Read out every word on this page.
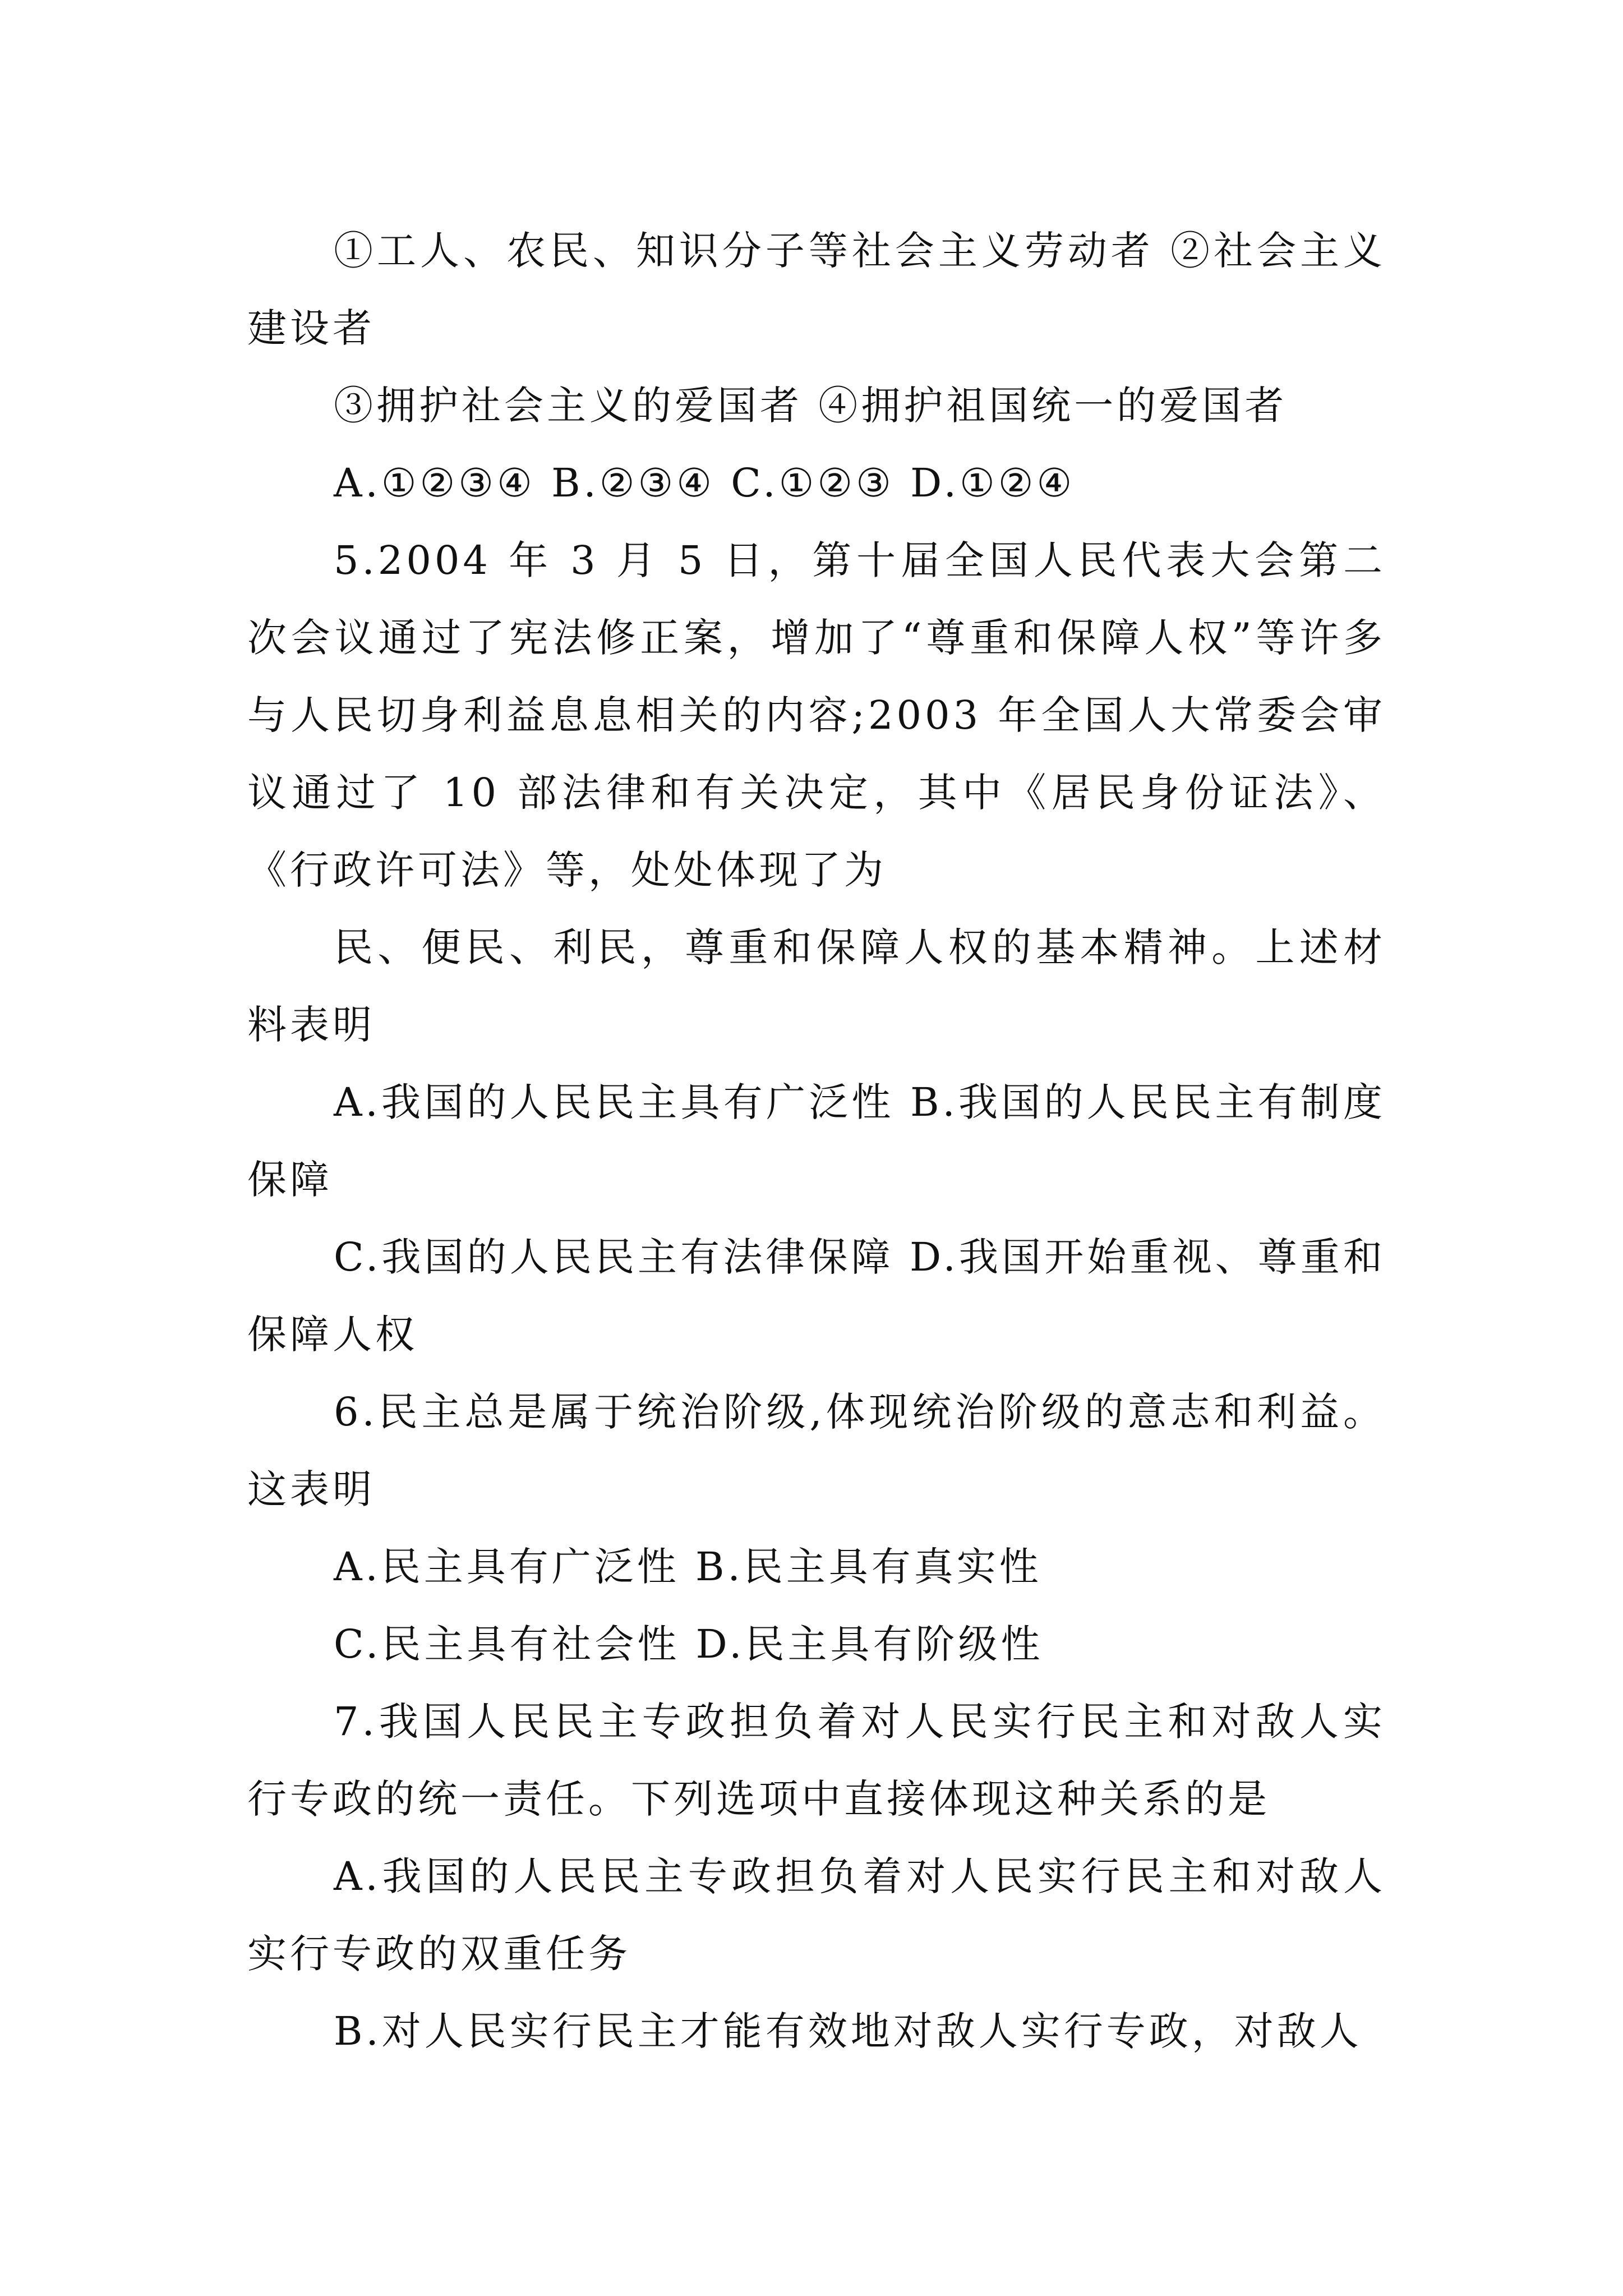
①工人、农民、知识分子等社会主义劳动者 ②社会主义建设者

③拥护社会主义的爱国者 ④拥护祖国统一的爱国者

A.①②③④ B.②③④ C.①②③ D.①②④

5.2004 年 3 月 5 日，第十届全国人民代表大会第二次会议通过了宪法修正案，增加了“尊重和保障人权”等许多与人民切身利益息息相关的内容;2003 年全国人大常委会审议通过了 10 部法律和有关决定，其中《居民身份证法》、《行政许可法》等，处处体现了为

民、便民、利民，尊重和保障人权的基本精神。上述材料表明

A.我国的人民民主具有广泛性 B.我国的人民民主有制度保障

C.我国的人民民主有法律保障 D.我国开始重视、尊重和保障人权

6.民主总是属于统治阶级,体现统治阶级的意志和利益。这表明

A.民主具有广泛性 B.民主具有真实性

C.民主具有社会性 D.民主具有阶级性

7.我国人民民主专政担负着对人民实行民主和对敌人实行专政的统一责任。下列选项中直接体现这种关系的是

A.我国的人民民主专政担负着对人民实行民主和对敌人实行专政的双重任务

B.对人民实行民主才能有效地对敌人实行专政，对敌人
